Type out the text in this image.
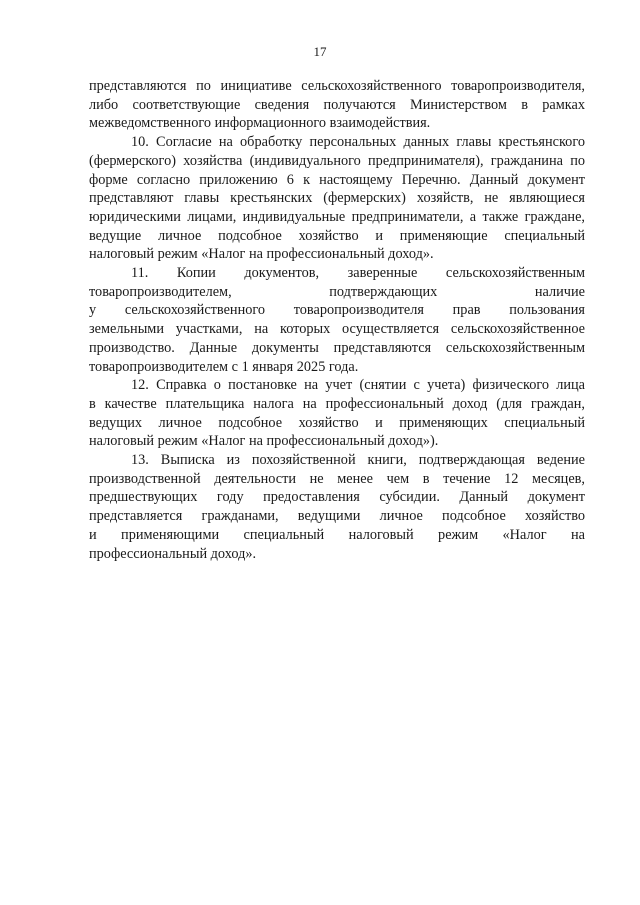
17

представляются по инициативе сельскохозяйственного товаропроизводителя,
либо соответствующие сведения получаются Министерством в рамках
межведомственного информационного взаимодействия.

10. Согласие на обработку персональных данных главы крестьянского
(фермерского) хозяйства (индивидуального предпринимателя), гражданина по
форме согласно приложению 6 к настоящему Перечню. Данный документ
представляют главы крестьянских (фермерских) хозяйств, не являющиеся
юридическими лицами, индивидуальные предприниматели, а также граждане,
ведущие личное подсобное хозяйство и применяющие специальный
налоговый режим «Налог на профессиональный доход».

11. Копии документов, заверенные сельскохозяйственным
товаропроизводителем, подтверждающих наличие
у сельскохозяйственного товаропроизводителя прав пользования
земельными участками, на которых осуществляется сельскохозяйственное
производство. Данные документы представляются сельскохозяйственным
товаропроизводителем с 1 января 2025 года.

12. Справка о постановке на учет (снятии с учета) физического лица
в качестве плательщика налога на профессиональный доход (для граждан,
ведущих личное подсобное хозяйство и применяющих специальный
налоговый режим «Налог на профессиональный доход»).

13. Выписка из похозяйственной книги, подтверждающая ведение
производственной деятельности не менее чем в течение 12 месяцев,
предшествующих году предоставления субсидии. Данный документ
представляется гражданами, ведущими личное подсобное хозяйство
и применяющими специальный налоговый режим «Налог на
профессиональный доход».
